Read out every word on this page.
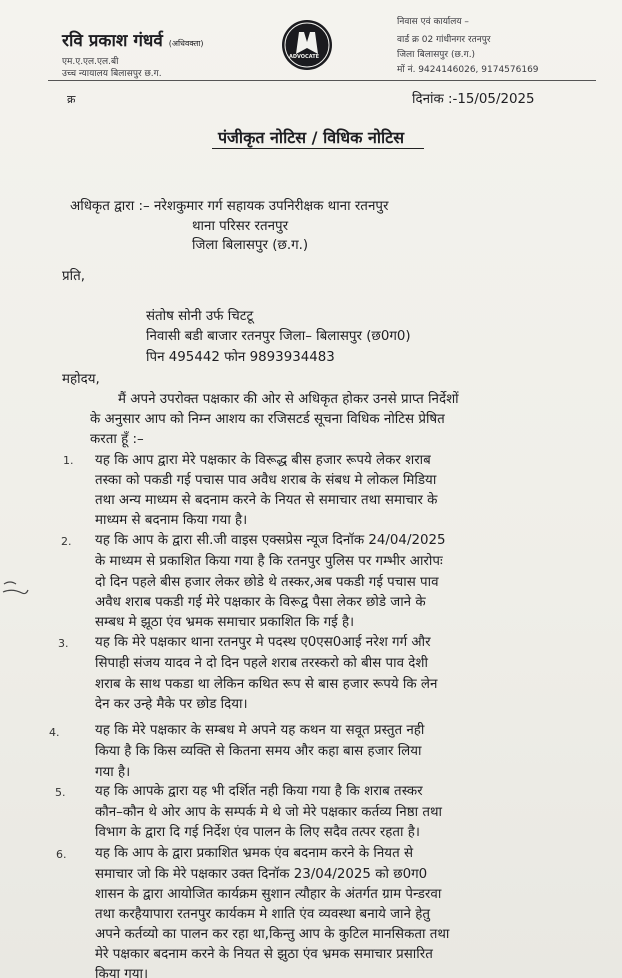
रवि प्रकाश गंधर्व (अधिवक्ता)
एम.ए.एल.एल.बी
उच्च न्यायालय बिलासपुर छ.ग.
ADVOCATE
निवास एवं कार्यालय –
वार्ड क्र 02 गांधीनगर रतनपुर
जिला बिलासपुर (छ.ग.)
मों नं. 9424146026, 9174576169
क्र	दिनांक :-15/05/2025
पंजीकृत नोटिस / विधिक नोटिस
अधिकृत द्वारा :– नरेशकुमार गर्ग सहायक उपनिरीक्षक थाना रतनपुर
थाना परिसर रतनपुर
जिला बिलासपुर (छ.ग.)
प्रति,
संतोष सोनी उर्फ चिटटू
निवासी बडी बाजार रतनपुर जिला– बिलासपुर (छ0ग0)
पिन 495442 फोन 9893934483
महोदय,
मैं अपने उपरोक्त पक्षकार की ओर से अधिकृत होकर उनसे प्राप्त निर्देशों
के अनुसार आप को निम्न आशय का रजिसटर्ड सूचना विधिक नोटिस प्रेषित
करता हूँ :–
1. यह कि आप द्वारा मेरे पक्षकार के विरूद्ध बीस हजार रूपये लेकर शराब
तस्का को पकडी गई पचास पाव अवैध शराब के संबध मे लोकल मिडिया
तथा अन्य माध्यम से बदनाम करने के नियत से समाचार तथा समाचार के
माध्यम से बदनाम किया गया है।
2. यह कि आप के द्वारा सी.जी वाइस एक्सप्रेस न्यूज दिनॉक 24/04/2025
के माध्यम से प्रकाशित किया गया है कि रतनपुर पुलिस पर गम्भीर आरोपः
दो दिन पहले बीस हजार लेकर छोडे थे तस्कर,अब पकडी गई पचास पाव
अवैध शराब पकडी गई मेरे पक्षकार के विरूद्व पैसा लेकर छोडे जाने के
सम्बध मे झूठा एंव भ्रमक समाचार प्रकाशित कि गई है।
3. यह कि मेरे पक्षकार थाना रतनपुर मे पदस्थ ए0एस0आई नरेश गर्ग और
सिपाही संजय यादव ने दो दिन पहले शराब तरस्करो को बीस पाव देशी
शराब के साथ पकडा था लेकिन कथित रूप से बास हजार रूपये कि लेन
देन कर उन्हे मैके पर छोड दिया।
4.	यह कि मेरे पक्षकार के सम्बध मे अपने यह कथन या सवूत प्रस्तुत नही
किया है कि किस व्यक्ति से कितना समय और कहा बास हजार लिया
गया है।
5. यह कि आपके द्वारा यह भी दर्शित नही किया गया है कि शराब तस्कर
कौन–कौन थे ओर आप के सम्पर्क मे थे जो मेरे पक्षकार कर्तव्य निष्ठा तथा
विभाग के द्वारा दि गई निर्देश एंव पालन के लिए सदैव तत्पर रहता है।
6. यह कि आप के द्वारा प्रकाशित भ्रमक एंव बदनाम करने के नियत से
समाचार जो कि मेरे पक्षकार उक्त दिनॉक 23/04/2025 को छ0ग0
शासन के द्वारा आयोजित कार्यक्रम सुशान त्यौहार के अंतर्गत ग्राम पेन्डरवा
तथा करहैयापारा रतनपुर कार्यकम मे शाति एंव व्यवस्था बनाये जाने हेतु
अपने कर्तव्यो का पालन कर रहा था,किन्तु आप के कुटिल मानसिकता तथा
मेरे पक्षकार बदनाम करने के नियत से झुठा एंव भ्रमक समाचार प्रसारित
किया गया।
